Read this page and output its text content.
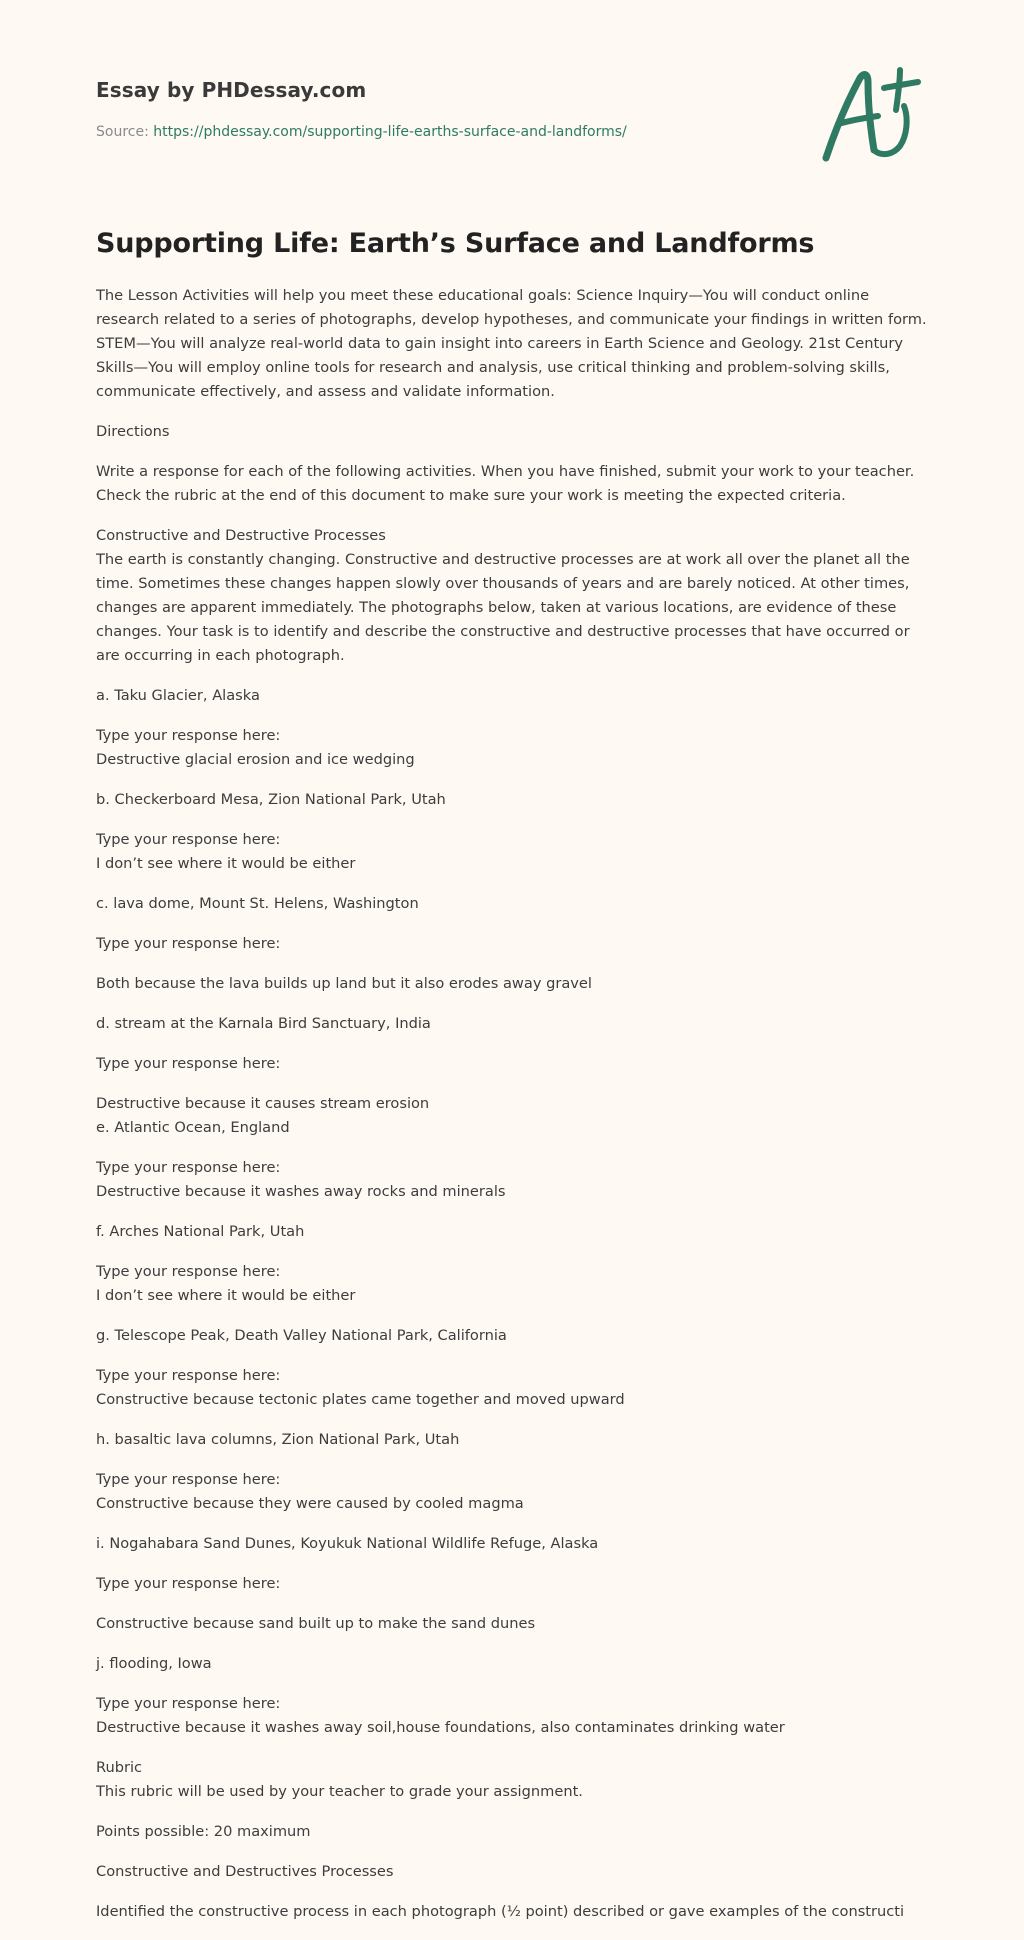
Essay by PHDessay.com
Source: https://phdessay.com/supporting-life-earths-surface-and-landforms/
Supporting Life: Earth’s Surface and Landforms

The Lesson Activities will help you meet these educational goals: Science Inquiry—You will conduct online research related to a series of photographs, develop hypotheses, and communicate your findings in written form. STEM—You will analyze real-world data to gain insight into careers in Earth Science and Geology. 21st Century Skills—You will employ online tools for research and analysis, use critical thinking and problem-solving skills, communicate effectively, and assess and validate information.

Directions

Write a response for each of the following activities. When you have finished, submit your work to your teacher. Check the rubric at the end of this document to make sure your work is meeting the expected criteria.

Constructive and Destructive Processes
The earth is constantly changing. Constructive and destructive processes are at work all over the planet all the time. Sometimes these changes happen slowly over thousands of years and are barely noticed. At other times, changes are apparent immediately. The photographs below, taken at various locations, are evidence of these changes. Your task is to identify and describe the constructive and destructive processes that have occurred or are occurring in each photograph.

a. Taku Glacier, Alaska

Type your response here:
Destructive glacial erosion and ice wedging

b. Checkerboard Mesa, Zion National Park, Utah

Type your response here:
I don’t see where it would be either

c. lava dome, Mount St. Helens, Washington

Type your response here:

Both because the lava builds up land but it also erodes away gravel

d. stream at the Karnala Bird Sanctuary, India

Type your response here:

Destructive because it causes stream erosion
e. Atlantic Ocean, England

Type your response here:
Destructive because it washes away rocks and minerals

f. Arches National Park, Utah

Type your response here:
I don’t see where it would be either

g. Telescope Peak, Death Valley National Park, California

Type your response here:
Constructive because tectonic plates came together and moved upward

h. basaltic lava columns, Zion National Park, Utah

Type your response here:
Constructive because they were caused by cooled magma

i. Nogahabara Sand Dunes, Koyukuk National Wildlife Refuge, Alaska

Type your response here:

Constructive because sand built up to make the sand dunes

j. flooding, Iowa

Type your response here:
Destructive because it washes away soil,house foundations, also contaminates drinking water

Rubric
This rubric will be used by your teacher to grade your assignment.

Points possible: 20 maximum

Constructive and Destructives Processes

Identified the constructive process in each photograph (½ point) described or gave examples of the constructi
